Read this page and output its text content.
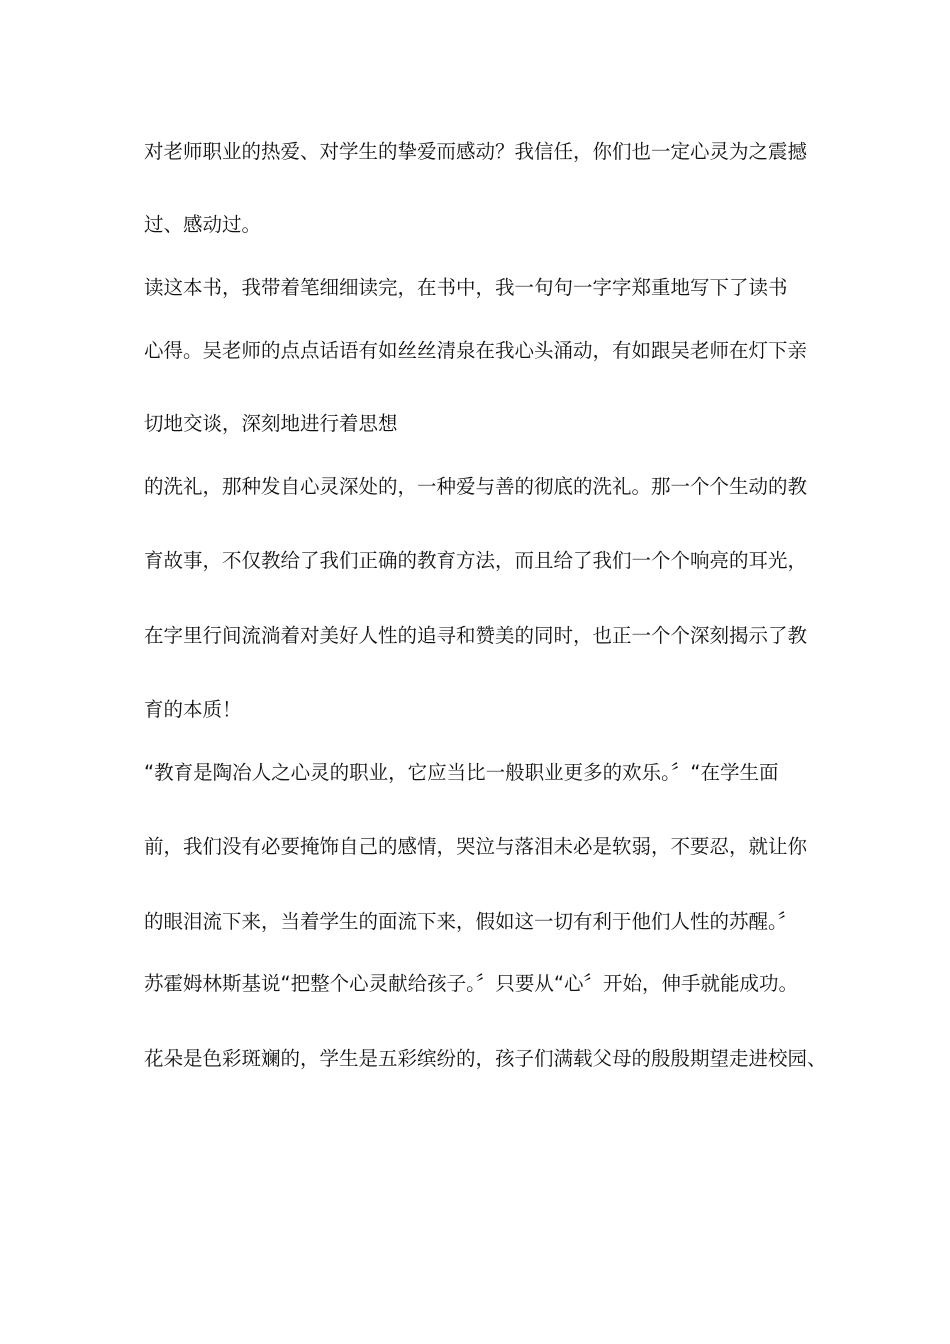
对老师职业的热爱、对学生的挚爱而感动？我信任，你们也一定心灵为之震撼
过、感动过。
读这本书，我带着笔细细读完，在书中，我一句句一字字郑重地写下了读书
心得。吴老师的点点话语有如丝丝清泉在我心头涌动，有如跟吴老师在灯下亲
切地交谈，深刻地进行着思想
的洗礼，那种发自心灵深处的，一种爱与善的彻底的洗礼。那一个个生动的教
育故事，不仅教给了我们正确的教育方法，而且给了我们一个个响亮的耳光，
在字里行间流淌着对美好人性的追寻和赞美的同时，也正一个个深刻揭示了教
育的本质！
“教育是陶冶人之心灵的职业，它应当比一般职业更多的欢乐。〞“在学生面
前，我们没有必要掩饰自己的感情，哭泣与落泪未必是软弱，不要忍，就让你
的眼泪流下来，当着学生的面流下来，假如这一切有利于他们人性的苏醒。〞
苏霍姆林斯基说“把整个心灵献给孩子。〞只要从“心〞开始，伸手就能成功。
花朵是色彩斑斓的，学生是五彩缤纷的，孩子们满载父母的殷殷期望走进校园、
